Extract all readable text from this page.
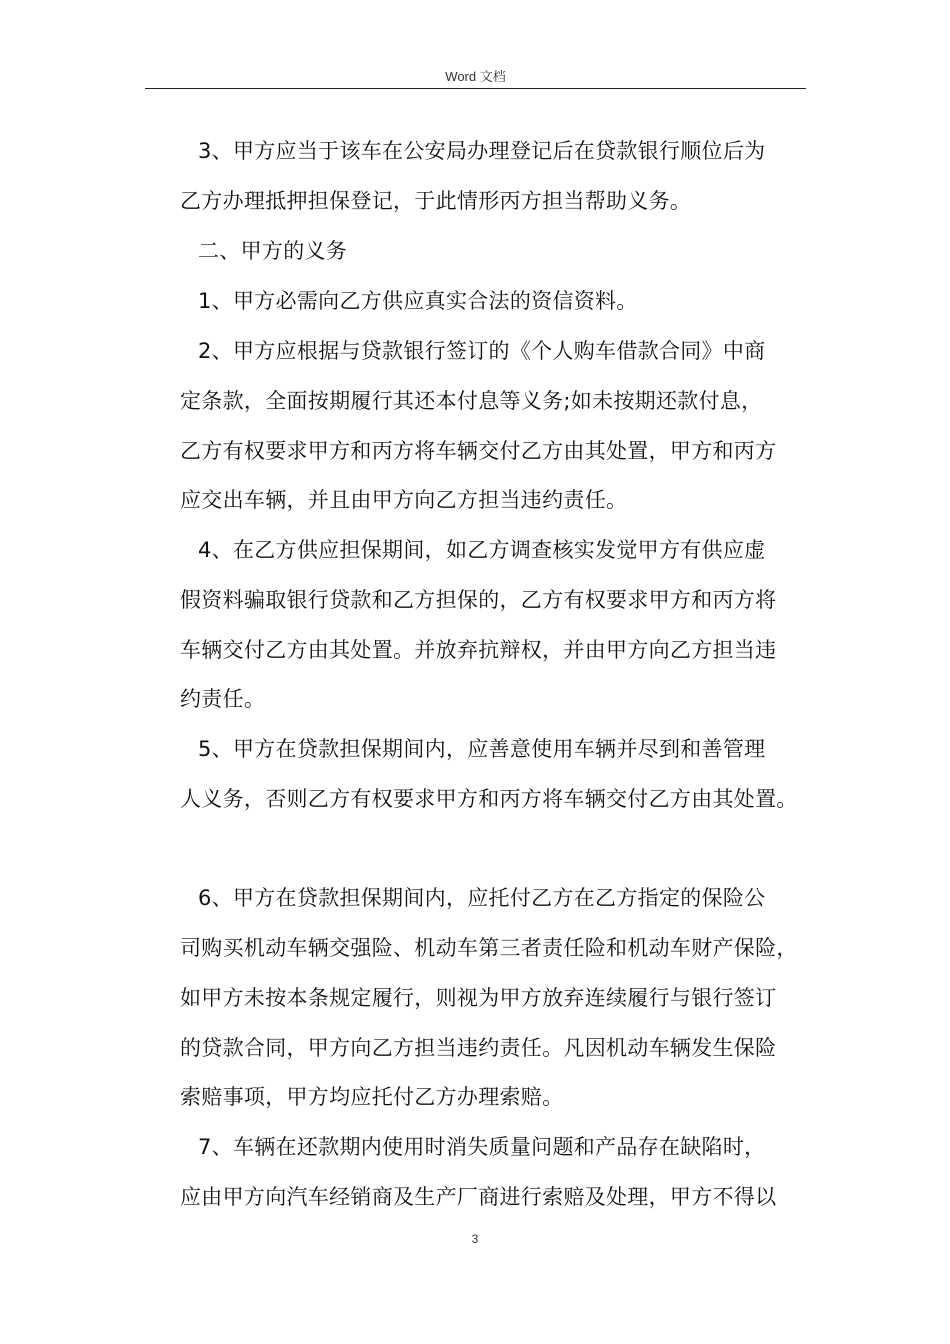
Word 文档
3、甲方应当于该车在公安局办理登记后在贷款银行顺位后为
乙方办理抵押担保登记，于此情形丙方担当帮助义务。
二、甲方的义务
1、甲方必需向乙方供应真实合法的资信资料。
2、甲方应根据与贷款银行签订的《个人购车借款合同》中商
定条款，全面按期履行其还本付息等义务;如未按期还款付息，
乙方有权要求甲方和丙方将车辆交付乙方由其处置，甲方和丙方
应交出车辆，并且由甲方向乙方担当违约责任。
4、在乙方供应担保期间，如乙方调查核实发觉甲方有供应虚
假资料骗取银行贷款和乙方担保的，乙方有权要求甲方和丙方将
车辆交付乙方由其处置。并放弃抗辩权，并由甲方向乙方担当违
约责任。
5、甲方在贷款担保期间内，应善意使用车辆并尽到和善管理
人义务，否则乙方有权要求甲方和丙方将车辆交付乙方由其处置。
6、甲方在贷款担保期间内，应托付乙方在乙方指定的保险公
司购买机动车辆交强险、机动车第三者责任险和机动车财产保险，
如甲方未按本条规定履行，则视为甲方放弃连续履行与银行签订
的贷款合同，甲方向乙方担当违约责任。凡因机动车辆发生保险
索赔事项，甲方均应托付乙方办理索赔。
7、车辆在还款期内使用时消失质量问题和产品存在缺陷时，
应由甲方向汽车经销商及生产厂商进行索赔及处理，甲方不得以
3
